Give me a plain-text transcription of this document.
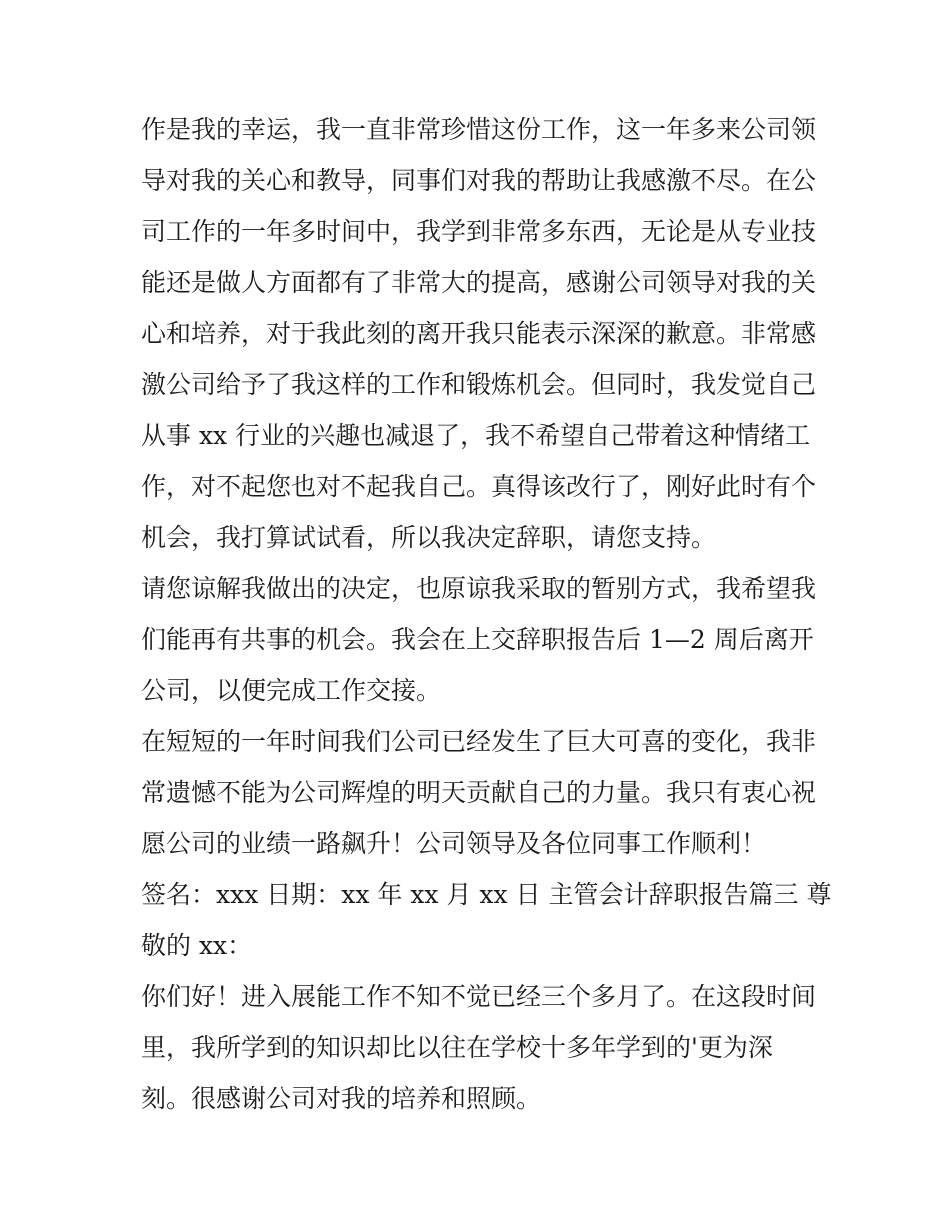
作是我的幸运，我一直非常珍惜这份工作，这一年多来公司领
导对我的关心和教导，同事们对我的帮助让我感激不尽。在公
司工作的一年多时间中，我学到非常多东西，无论是从专业技
能还是做人方面都有了非常大的提高，感谢公司领导对我的关
心和培养，对于我此刻的离开我只能表示深深的歉意。非常感
激公司给予了我这样的工作和锻炼机会。但同时，我发觉自己
从事 xx 行业的兴趣也减退了，我不希望自己带着这种情绪工
作，对不起您也对不起我自己。真得该改行了，刚好此时有个
机会，我打算试试看，所以我决定辞职，请您支持。
请您谅解我做出的决定，也原谅我采取的暂别方式，我希望我
们能再有共事的机会。我会在上交辞职报告后 1—2 周后离开
公司，以便完成工作交接。
在短短的一年时间我们公司已经发生了巨大可喜的变化，我非
常遗憾不能为公司辉煌的明天贡献自己的力量。我只有衷心祝
愿公司的业绩一路飙升！公司领导及各位同事工作顺利！
签名：xxx 日期：xx 年 xx 月 xx 日 主管会计辞职报告篇三 尊
敬的 xx：
你们好！进入展能工作不知不觉已经三个多月了。在这段时间
里，我所学到的知识却比以往在学校十多年学到的'更为深
刻。很感谢公司对我的培养和照顾。
